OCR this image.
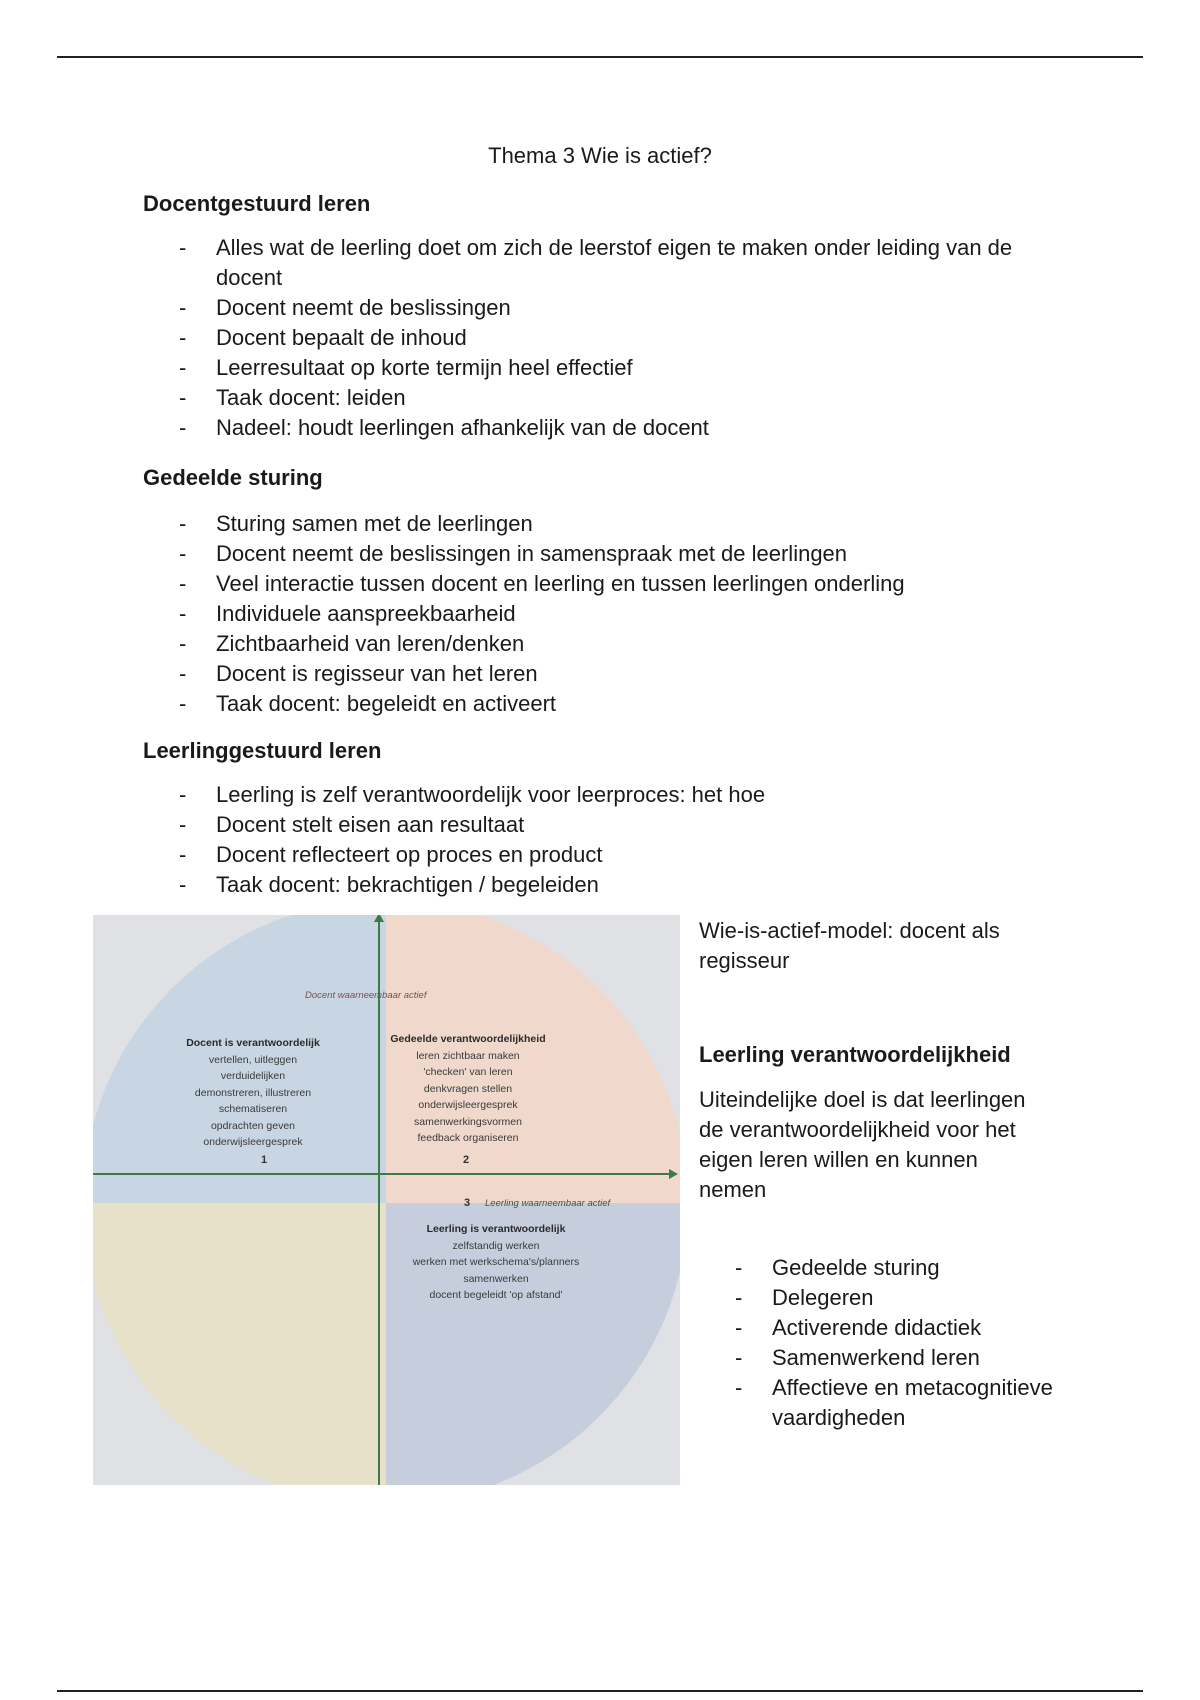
Thema 3 Wie is actief?
Docentgestuurd leren
- Alles wat de leerling doet om zich de leerstof eigen te maken onder leiding van de docent
- Docent neemt de beslissingen
- Docent bepaalt de inhoud
- Leerresultaat op korte termijn heel effectief
- Taak docent: leiden
- Nadeel: houdt leerlingen afhankelijk van de docent
Gedeelde sturing
- Sturing samen met de leerlingen
- Docent neemt de beslissingen in samenspraak met de leerlingen
- Veel interactie tussen docent en leerling en tussen leerlingen onderling
- Individuele aanspreekbaarheid
- Zichtbaarheid van leren/denken
- Docent is regisseur van het leren
- Taak docent: begeleidt en activeert
Leerlinggestuurd leren
- Leerling is zelf verantwoordelijk voor leerproces: het hoe
- Docent stelt eisen aan resultaat
- Docent reflecteert op proces en product
- Taak docent: bekrachtigen / begeleiden
Docent waarneembaar actief
Docent is verantwoordelijk
vertellen, uitleggen
verduidelijken
demonstreren, illustreren
schematiseren
opdrachten geven
onderwijsleergesprek
1
Gedeelde verantwoordelijkheid
leren zichtbaar maken
'checken' van leren
denkvragen stellen
onderwijsleergesprek
samenwerkingsvormen
feedback organiseren
2
3 Leerling waarneembaar actief
Leerling is verantwoordelijk
zelfstandig werken
werken met werkschema's/planners
samenwerken
docent begeleidt 'op afstand'
Wie-is-actief-model: docent als regisseur
Leerling verantwoordelijkheid
Uiteindelijke doel is dat leerlingen de verantwoordelijkheid voor het eigen leren willen en kunnen nemen
- Gedeelde sturing
- Delegeren
- Activerende didactiek
- Samenwerkend leren
- Affectieve en metacognitieve vaardigheden
